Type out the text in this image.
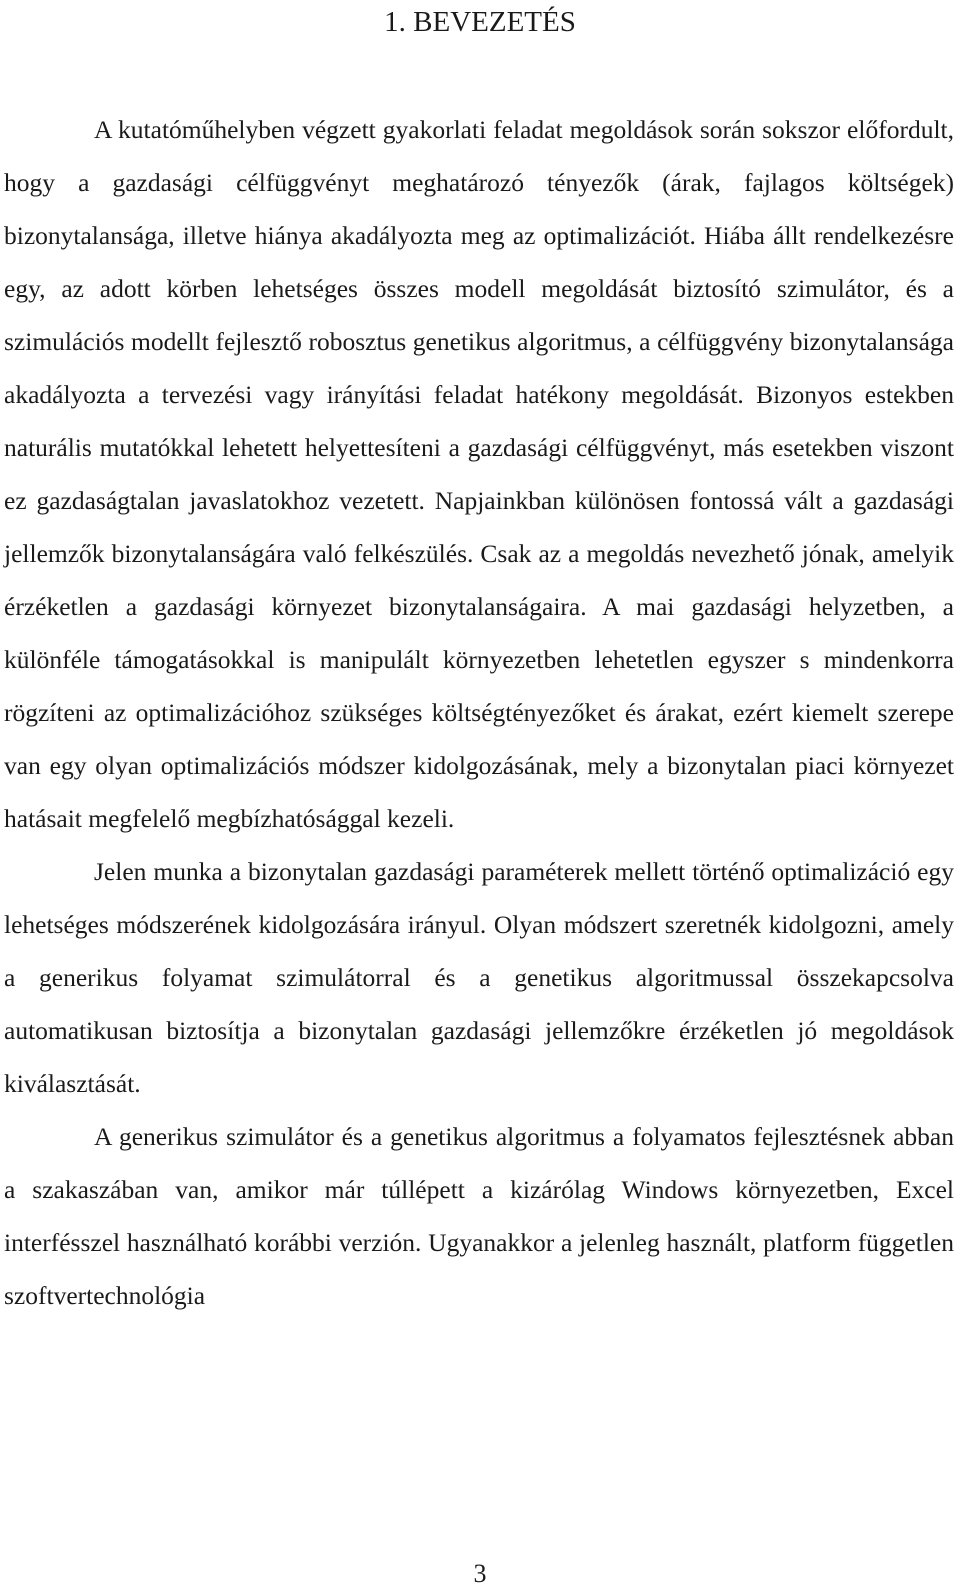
1. BEVEZETÉS

A kutatóműhelyben végzett gyakorlati feladat megoldások során sokszor előfordult, hogy a gazdasági célfüggvényt meghatározó tényezők (árak, fajlagos költségek) bizonytalansága, illetve hiánya akadályozta meg az optimalizációt. Hiába állt rendelkezésre egy, az adott körben lehetséges összes modell megoldását biztosító szimulátor, és a szimulációs modellt fejlesztő robosztus genetikus algoritmus, a célfüggvény bizonytalansága akadályozta a tervezési vagy irányítási feladat hatékony megoldását. Bizonyos estekben naturális mutatókkal lehetett helyettesíteni a gazdasági célfüggvényt, más esetekben viszont ez gazdaságtalan javaslatokhoz vezetett. Napjainkban különösen fontossá vált a gazdasági jellemzők bizonytalanságára való felkészülés. Csak az a megoldás nevezhető jónak, amelyik érzéketlen a gazdasági környezet bizonytalanságaira. A mai gazdasági helyzetben, a különféle támogatásokkal is manipulált környezetben lehetetlen egyszer s mindenkorra rögzíteni az optimalizációhoz szükséges költségtényezőket és árakat, ezért kiemelt szerepe van egy olyan optimalizációs módszer kidolgozásának, mely a bizonytalan piaci környezet hatásait megfelelő megbízhatósággal kezeli.

Jelen munka a bizonytalan gazdasági paraméterek mellett történő optimalizáció egy lehetséges módszerének kidolgozására irányul. Olyan módszert szeretnék kidolgozni, amely a generikus folyamat szimulátorral és a genetikus algoritmussal összekapcsolva automatikusan biztosítja a bizonytalan gazdasági jellemzőkre érzéketlen jó megoldások kiválasztását.

A generikus szimulátor és a genetikus algoritmus a folyamatos fejlesztésnek abban a szakaszában van, amikor már túllépett a kizárólag Windows környezetben, Excel interfésszel használható korábbi verzión. Ugyanakkor a jelenleg használt, platform független szoftvertechnológia

3
